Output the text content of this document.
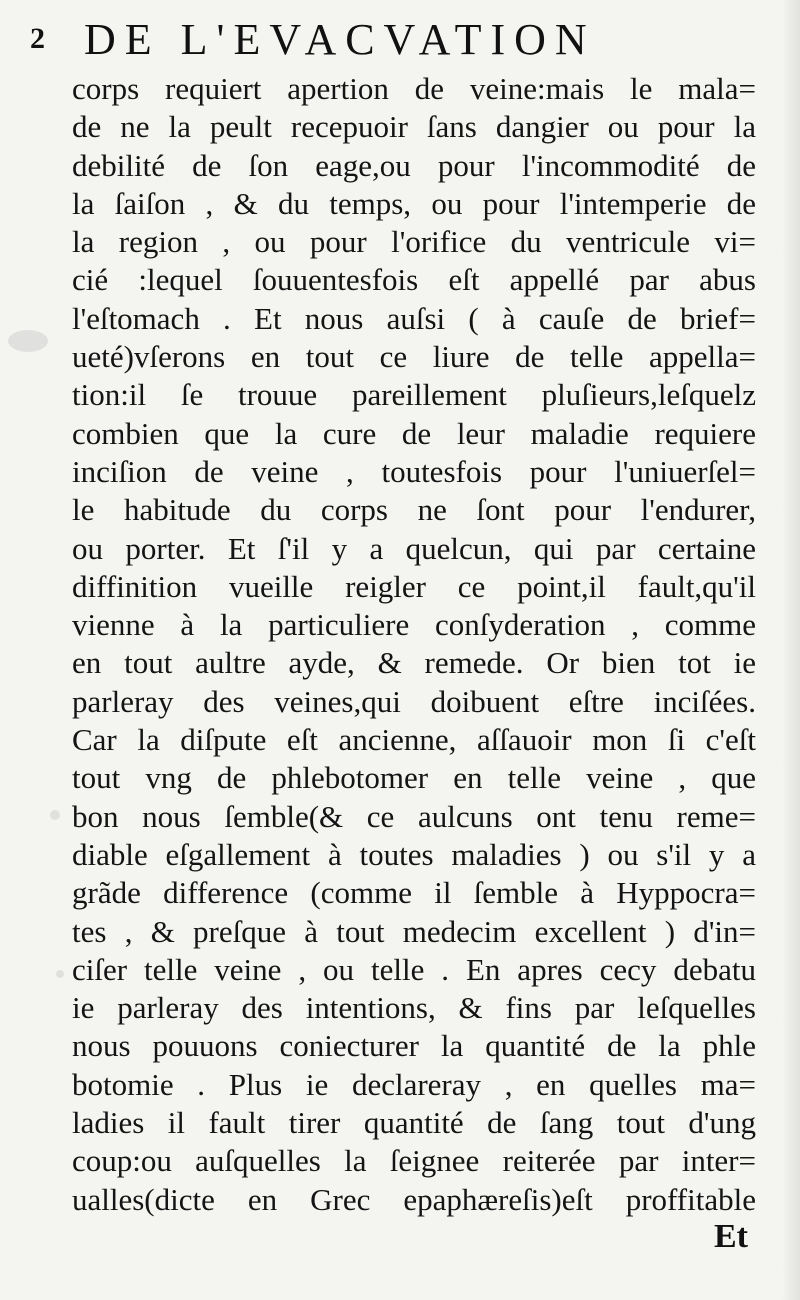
2 DE L'EVACVATION
corps requiert apertion de veine:mais le mala=
de ne la peult recepuoir ſans dangier ou pour la
debilité de ſon eage,ou pour l'incommodité de
la ſaiſon , & du temps, ou pour l'intemperie de
la region , ou pour l'orifice du ventricule vi=
cié :lequel ſouuentesfois eſt appellé par abus
l'eſtomach . Et nous auſsi ( à cauſe de brief=
ueté)vſerons en tout ce liure de telle appella=
tion:il ſe trouue pareillement pluſieurs,leſquelz
combien que la cure de leur maladie requiere
inciſion de veine , toutesfois pour l'uniuerſel=
le habitude du corps ne ſont pour l'endurer,
ou porter. Et ſ'il y a quelcun, qui par certaine
diffinition vueille reigler ce point,il fault,qu'il
vienne à la particuliere conſyderation , comme
en tout aultre ayde, & remede. Or bien tot ie
parleray des veines,qui doibuent eſtre inciſées.
Car la diſpute eſt ancienne, aſſauoir mon ſi c'eſt
tout vng de phlebotomer en telle veine , que
bon nous ſemble(& ce aulcuns ont tenu reme=
diable eſgallement à toutes maladies ) ou s'il y a
grãde difference (comme il ſemble à Hyppocra=
tes , & preſque à tout medecim excellent ) d'in=
ciſer telle veine , ou telle . En apres cecy debatu
ie parleray des intentions, & fins par leſquelles
nous pouuons coniecturer la quantité de la phle
botomie . Plus ie declareray , en quelles ma=
ladies il fault tirer quantité de ſang tout d'ung
coup:ou auſquelles la ſeignee reiterée par inter=
ualles(dicte en Grec epaphæreſis)eſt proffitable
Et
